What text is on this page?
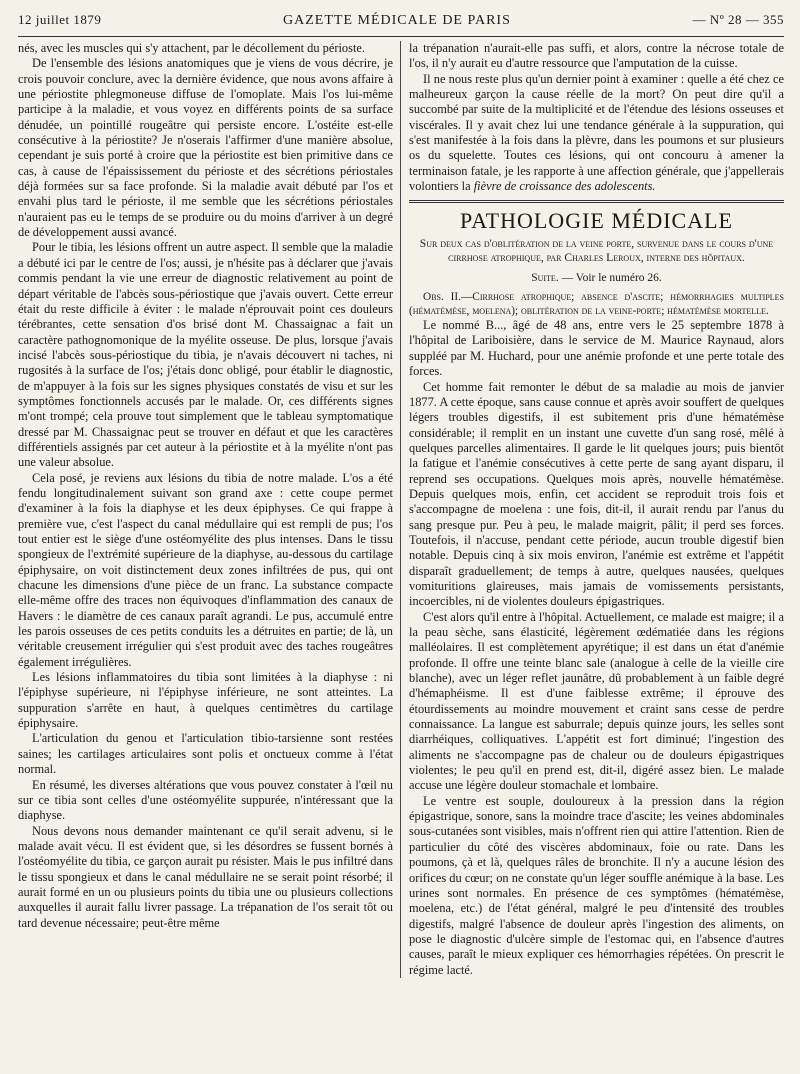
12 juillet 1879	GAZETTE MÉDICALE DE PARIS	— Nº 28 — 355

nés, avec les muscles qui s'y attachent, par le décollement du périoste.

De l'ensemble des lésions anatomiques que je viens de vous décrire, je crois pouvoir conclure, avec la dernière évidence, que nous avons affaire à une périostite phlegmoneuse diffuse de l'omoplate. Mais l'os lui-même participe à la maladie, et vous voyez en différents points de sa surface dénudée, un pointillé rougeâtre qui persiste encore. L'ostéite est-elle consécutive à la périostite? Je n'oserais l'affirmer d'une manière absolue, cependant je suis porté à croire que la périostite est bien primitive dans ce cas, à cause de l'épaississement du périoste et des sécrétions périostales déjà formées sur sa face profonde. Si la maladie avait débuté par l'os et envahi plus tard le périoste, il me semble que les sécrétions périostales n'auraient pas eu le temps de se produire ou du moins d'arriver à un degré de développement aussi avancé.

Pour le tibia, les lésions offrent un autre aspect. Il semble que la maladie a débuté ici par le centre de l'os; aussi, je n'hésite pas à déclarer que j'avais commis pendant la vie une erreur de diagnostic relativement au point de départ véritable de l'abcès sous-périostique que j'avais ouvert. Cette erreur était du reste difficile à éviter : le malade n'éprouvait point ces douleurs térébrantes, cette sensation d'os brisé dont M. Chassaignac a fait un caractère pathognomonique de la myélite osseuse. De plus, lorsque j'avais incisé l'abcès sous-périostique du tibia, je n'avais découvert ni taches, ni rugosités à la surface de l'os; j'étais donc obligé, pour établir le diagnostic, de m'appuyer à la fois sur les signes physiques constatés de visu et sur les symptômes fonctionnels accusés par le malade. Or, ces différents signes m'ont trompé; cela prouve tout simplement que le tableau symptomatique dressé par M. Chassaignac peut se trouver en défaut et que les caractères différentiels assignés par cet auteur à la périostite et à la myélite n'ont pas une valeur absolue.

Cela posé, je reviens aux lésions du tibia de notre malade. L'os a été fendu longitudinalement suivant son grand axe : cette coupe permet d'examiner à la fois la diaphyse et les deux épiphyses. Ce qui frappe à première vue, c'est l'aspect du canal médullaire qui est rempli de pus; l'os tout entier est le siège d'une ostéomyélite des plus intenses. Dans le tissu spongieux de l'extrémité supérieure de la diaphyse, au-dessous du cartilage épiphysaire, on voit distinctement deux zones infiltrées de pus, qui ont chacune les dimensions d'une pièce de un franc. La substance compacte elle-même offre des traces non équivoques d'inflammation des canaux de Havers : le diamètre de ces canaux paraît agrandi. Le pus, accumulé entre les parois osseuses de ces petits conduits les a détruites en partie; de là, un véritable creusement irrégulier qui s'est produit avec des taches rougeâtres également irrégulières.

Les lésions inflammatoires du tibia sont limitées à la diaphyse : ni l'épiphyse supérieure, ni l'épiphyse inférieure, ne sont atteintes. La suppuration s'arrête en haut, à quelques centimètres du cartilage épiphysaire.

L'articulation du genou et l'articulation tibio-tarsienne sont restées saines; les cartilages articulaires sont polis et onctueux comme à l'état normal.

En résumé, les diverses altérations que vous pouvez constater à l'œil nu sur ce tibia sont celles d'une ostéomyélite suppurée, n'intéressant que la diaphyse.

Nous devons nous demander maintenant ce qu'il serait advenu, si le malade avait vécu. Il est évident que, si les désordres se fussent bornés à l'ostéomyélite du tibia, ce garçon aurait pu résister. Mais le pus infiltré dans le tissu spongieux et dans le canal médullaire ne se serait point résorbé; il aurait formé en un ou plusieurs points du tibia une ou plusieurs collections auxquelles il aurait fallu livrer passage. La trépanation de l'os serait tôt ou tard devenue nécessaire; peut-être même

la trépanation n'aurait-elle pas suffi, et alors, contre la nécrose totale de l'os, il n'y aurait eu d'autre ressource que l'amputation de la cuisse.

Il ne nous reste plus qu'un dernier point à examiner : quelle a été chez ce malheureux garçon la cause réelle de la mort? On peut dire qu'il a succombé par suite de la multiplicité et de l'étendue des lésions osseuses et viscérales. Il y avait chez lui une tendance générale à la suppuration, qui s'est manifestée à la fois dans la plèvre, dans les poumons et sur plusieurs os du squelette. Toutes ces lésions, qui ont concouru à amener la terminaison fatale, je les rapporte à une affection générale, que j'appellerais volontiers la fièvre de croissance des adolescents.

PATHOLOGIE MÉDICALE
Sur deux cas d'oblitération de la veine porte, survenue dans le cours d'une cirrhose atrophique, par Charles Leroux, interne des hôpitaux.
Suite. — Voir le numéro 26.

Obs. II.—Cirrhose atrophique; absence d'ascite; hémorrhagies multiples (hématémèse, moelena); oblitération de la veine-porte; hématémèse mortelle.

Le nommé B..., âgé de 48 ans, entre vers le 25 septembre 1878 à l'hôpital de Lariboisière, dans le service de M. Maurice Raynaud, alors suppléé par M. Huchard, pour une anémie profonde et une perte totale des forces.

Cet homme fait remonter le début de sa maladie au mois de janvier 1877. A cette époque, sans cause connue et après avoir souffert de quelques légers troubles digestifs, il est subitement pris d'une hématémèse considérable; il remplit en un instant une cuvette d'un sang rosé, mêlé à quelques parcelles alimentaires. Il garde le lit quelques jours; puis bientôt la fatigue et l'anémie consécutives à cette perte de sang ayant disparu, il reprend ses occupations. Quelques mois après, nouvelle hématémèse. Depuis quelques mois, enfin, cet accident se reproduit trois fois et s'accompagne de moelena : une fois, dit-il, il aurait rendu par l'anus du sang presque pur. Peu à peu, le malade maigrit, pâlit; il perd ses forces. Toutefois, il n'accuse, pendant cette période, aucun trouble digestif bien notable. Depuis cinq à six mois environ, l'anémie est extrême et l'appétit disparaît graduellement; de temps à autre, quelques nausées, quelques vomituritions glaireuses, mais jamais de vomissements persistants, incoercibles, ni de violentes douleurs épigastriques.

C'est alors qu'il entre à l'hôpital. Actuellement, ce malade est maigre; il a la peau sèche, sans élasticité, légèrement œdématiée dans les régions malléolaires. Il est complètement apyrétique; il est dans un état d'anémie profonde. Il offre une teinte blanc sale (analogue à celle de la vieille cire blanche), avec un léger reflet jaunâtre, dû probablement à un faible degré d'hémaphéisme. Il est d'une faiblesse extrême; il éprouve des étourdissements au moindre mouvement et craint sans cesse de perdre connaissance. La langue est saburrale; depuis quinze jours, les selles sont diarrhéiques, colliquatives. L'appétit est fort diminué; l'ingestion des aliments ne s'accompagne pas de chaleur ou de douleurs épigastriques violentes; le peu qu'il en prend est, dit-il, digéré assez bien. Le malade accuse une légère douleur stomachale et lombaire.

Le ventre est souple, douloureux à la pression dans la région épigastrique, sonore, sans la moindre trace d'ascite; les veines abdominales sous-cutanées sont visibles, mais n'offrent rien qui attire l'attention. Rien de particulier du côté des viscères abdominaux, foie ou rate. Dans les poumons, çà et là, quelques râles de bronchite. Il n'y a aucune lésion des orifices du cœur; on ne constate qu'un léger souffle anémique à la base. Les urines sont normales. En présence de ces symptômes (hématémèse, moelena, etc.) de l'état général, malgré le peu d'intensité des troubles digestifs, malgré l'absence de douleur après l'ingestion des aliments, on pose le diagnostic d'ulcère simple de l'estomac qui, en l'absence d'autres causes, paraît le mieux expliquer ces hémorrhagies répétées. On prescrit le régime lacté.
